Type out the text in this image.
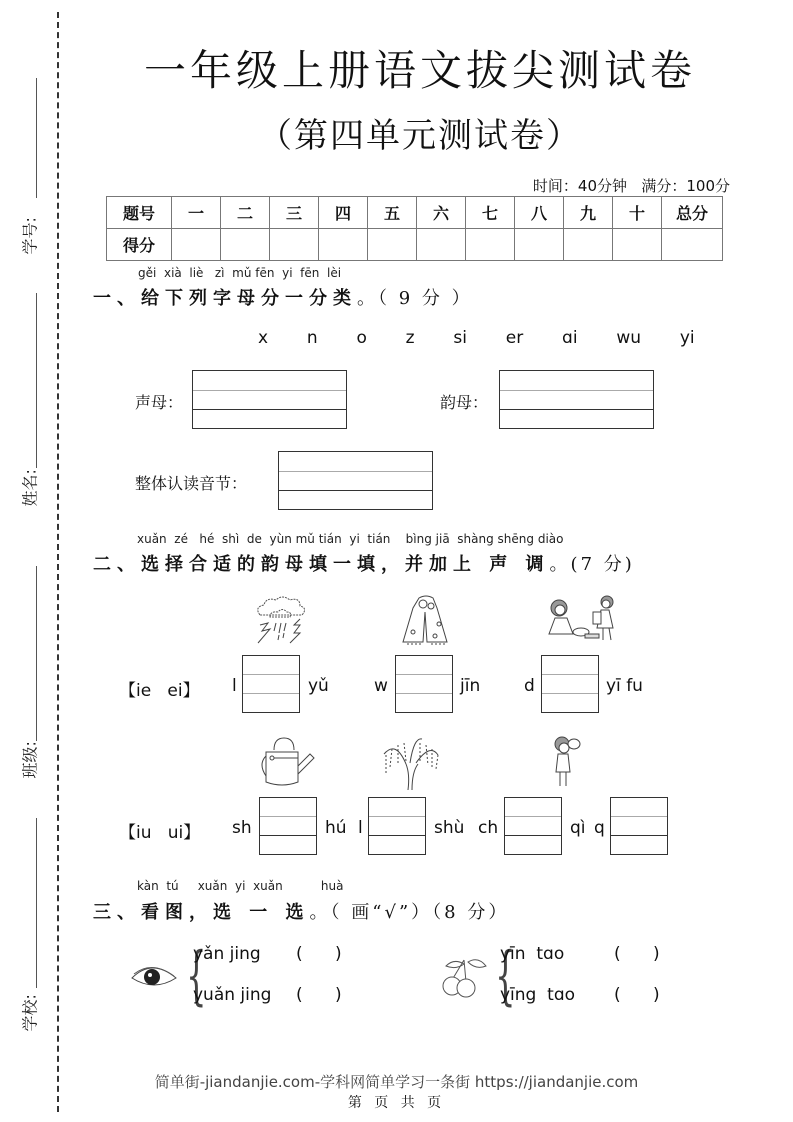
学号:
姓名:
班级:
学校:
一年级上册语文拔尖测试卷
（第四单元测试卷）
时间：40分钟 满分：100分
题号	一	二	三	四	五	六	七	八	九	十	总分
得分											
gěi  xià  liè   zì  mǔ fēn  yi  fēn  lèi
一、给下列字母分一分类。（ 9 分 ）
x  n  o  z  si  er  ɑi  wu  yi
声母：	韵母：
整体认读音节：
xuǎn  zé   hé  shì  de  yùn mǔ tián  yi  tián    bìng jiā  shàng shēng diào
二、选择合适的韵母填一填，并加上 声 调。(7 分)
【ie   ei】 l	yǔ	w	jīn	d	yī fu
【iu   ui】 sh	hú l	shù ch	qì q
kàn  tú     xuǎn  yi  xuǎn          huà
三、看图，选 一 选。（ 画“√”）（8 分）
{
yǎn jing (      )
yuǎn jing (      ) {
yīn  tɑo	(      )
yīng  tɑo (      )
简单街-jiandanjie.com-学科网简单学习一条街 https://jiandanjie.com
第 页 共 页
